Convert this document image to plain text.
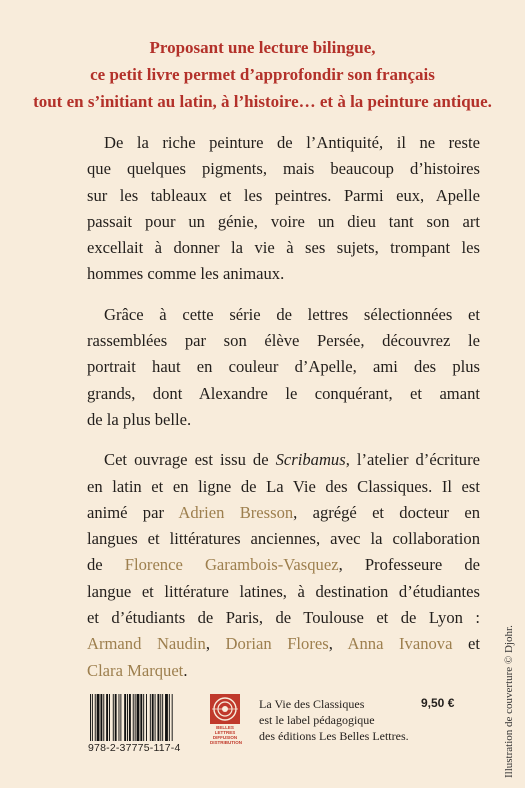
Proposant une lecture bilingue,
ce petit livre permet d’approfondir son français
tout en s’initiant au latin, à l’histoire… et à la peinture antique.
De la riche peinture de l’Antiquité, il ne reste
que quelques pigments, mais beaucoup d’histoires
sur les tableaux et les peintres. Parmi eux, Apelle
passait pour un génie, voire un dieu tant son art
excellait à donner la vie à ses sujets, trompant les
hommes comme les animaux.
Grâce à cette série de lettres sélectionnées et
rassemblées par son élève Persée, découvrez le
portrait haut en couleur d’Apelle, ami des plus
grands, dont Alexandre le conquérant, et amant
de la plus belle.
Cet ouvrage est issu de Scribamus, l’atelier d’écriture
en latin et en ligne de La Vie des Classiques. Il est
animé par Adrien Bresson, agrégé et docteur en
langues et littératures anciennes, avec la collaboration
de Florence Garambois-Vasquez, Professeure de
langue et littérature latines, à destination d’étudiantes
et d’étudiants de Paris, de Toulouse et de Lyon :
Armand Naudin, Dorian Flores, Anna Ivanova et
Clara Marquet.	Illustration de couverture © Djohr.
978-2-37775-117-4
BELLES LETTRES
DIFFUSION
DISTRIBUTION
La Vie des Classiques
est le label pédagogique
des éditions Les Belles Lettres.
9,50 €
